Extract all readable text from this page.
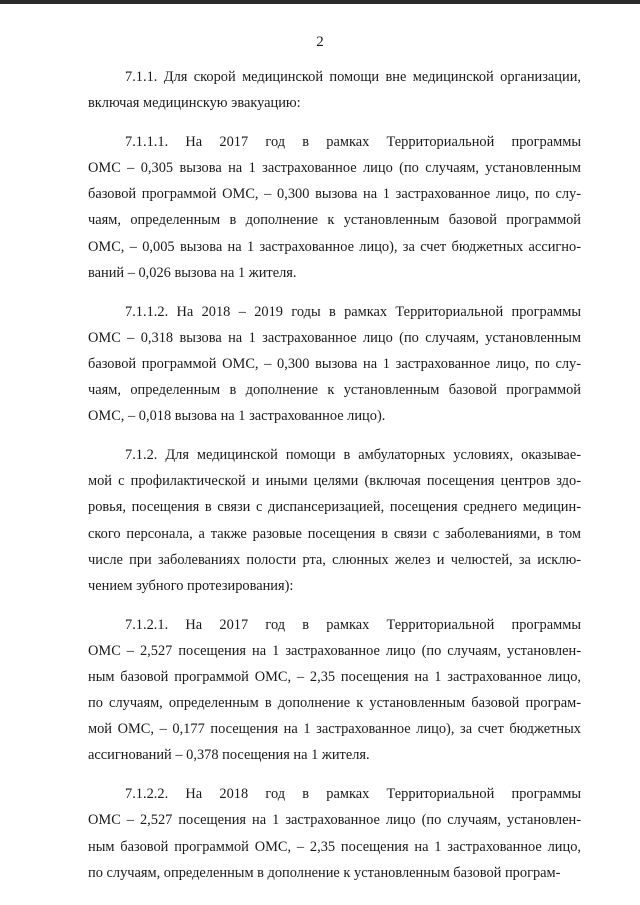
2
7.1.1. Для скорой медицинской помощи вне медицинской организации,
включая медицинскую эвакуацию:
7.1.1.1. На 2017 год в рамках Территориальной программы
ОМС – 0,305 вызова на 1 застрахованное лицо (по случаям, установленным
базовой программой ОМС, – 0,300 вызова на 1 застрахованное лицо, по слу-
чаям, определенным в дополнение к установленным базовой программой
ОМС, – 0,005 вызова на 1 застрахованное лицо), за счет бюджетных ассигно-
ваний – 0,026 вызова на 1 жителя.
7.1.1.2. На 2018 – 2019 годы в рамках Территориальной программы
ОМС – 0,318 вызова на 1 застрахованное лицо (по случаям, установленным
базовой программой ОМС, – 0,300 вызова на 1 застрахованное лицо, по слу-
чаям, определенным в дополнение к установленным базовой программой
ОМС, – 0,018 вызова на 1 застрахованное лицо).
7.1.2. Для медицинской помощи в амбулаторных условиях, оказывае-
мой с профилактической и иными целями (включая посещения центров здо-
ровья, посещения в связи с диспансеризацией, посещения среднего медицин-
ского персонала, а также разовые посещения в связи с заболеваниями, в том
числе при заболеваниях полости рта, слюнных желез и челюстей, за исклю-
чением зубного протезирования):
7.1.2.1. На 2017 год в рамках Территориальной программы
ОМС – 2,527 посещения на 1 застрахованное лицо (по случаям, установлен-
ным базовой программой ОМС, – 2,35 посещения на 1 застрахованное лицо,
по случаям, определенным в дополнение к установленным базовой програм-
мой ОМС, – 0,177 посещения на 1 застрахованное лицо), за счет бюджетных
ассигнований – 0,378 посещения на 1 жителя.
7.1.2.2. На 2018 год в рамках Территориальной программы
ОМС – 2,527 посещения на 1 застрахованное лицо (по случаям, установлен-
ным базовой программой ОМС, – 2,35 посещения на 1 застрахованное лицо,
по случаям, определенным в дополнение к установленным базовой програм-
